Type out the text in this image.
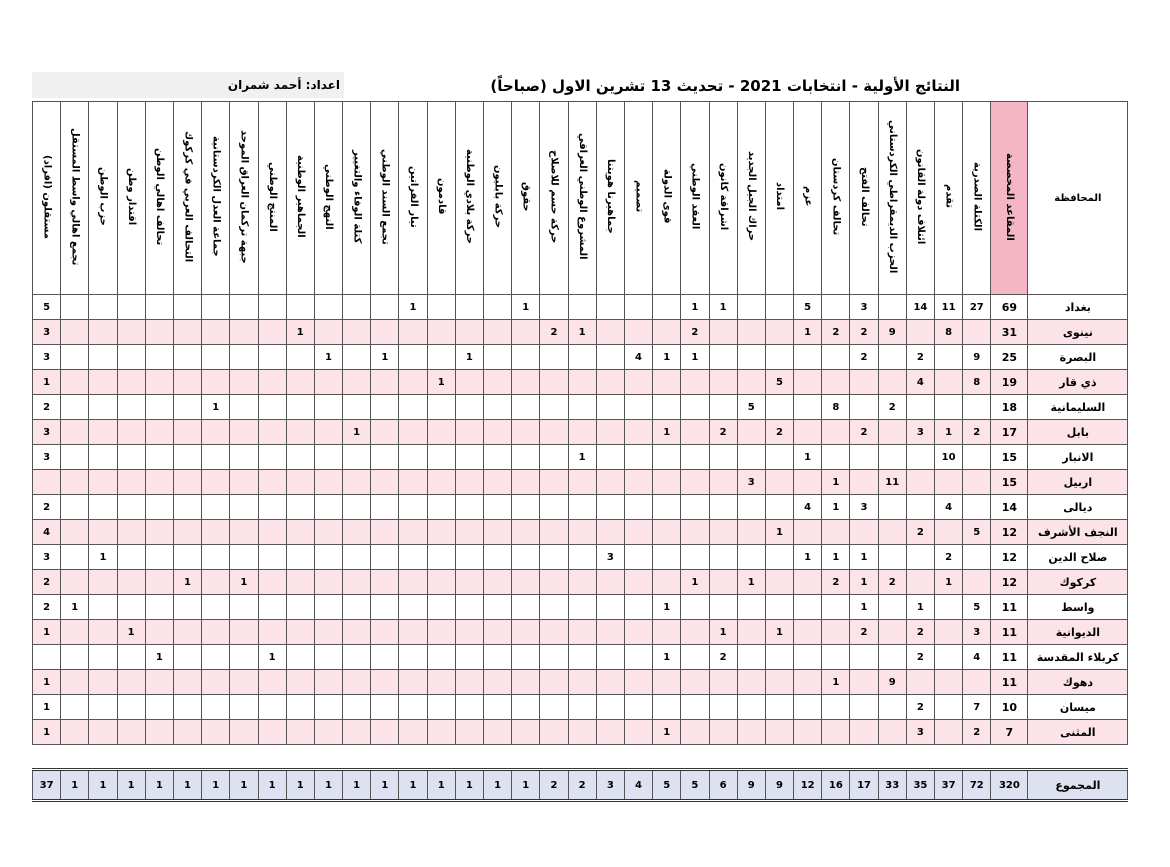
النتائج الأولية - انتخابات 2021 - تحديث 13 تشرين الاول (صباحاً)
اعداد: أحمد شمران
مستقلون (افراد)	تجمع اهالي واسط المستقل	حزب الوطن	اقتدار وطن	تحالف اهالي الوطن	التحالف العربي في كركوك	جماعة العدل الكردستانية	جبهة تركمان العراق الموحد	المنتج الوطني	الجماهير الوطنية	النهج الوطني	كتلة الوفاء والتغيير	تجمع السند الوطني	تيار الفراتين	قادمون	حركة بلادي الوطنية	حركة بابليون	حقوق	حركة حسم للاصلاح	المشروع الوطني العراقي	جماهيرنا هويتنا	تصميم	قوى الدولة	العقد الوطني	اشراقة كانون	حراك الجيل الجديد	امتداد	عزم	تحالف كردستان	تحالف الفتح	الحزب الديمقراطي الكردستاني	ائتلاف دولة القانون	تقدم	الكتلة الصدرية	المقاعد المخصصة	المحافظة
5													1				1						1	1			5		3		14	11	27	69	بغداد
3									1									2	1				2				1	2	2	9		8		31	نينوى
3										1		1			1						4	1	1						2		2		9	25	البصرة
1														1												5					4		8	19	ذي قار
2						1																			5			8		2				18	السليمانية
3											1											1		2		2			2		3	1	2	17	بابل
3																			1								1					10		15	الانبار
																									3			1		11				15	اربيل
2																											4	1	3			4		14	ديالى
4																										1					2		5	12	النجف الأشرف
3		1																		3							1	1	1			2		12	صلاح الدين
2					1		1																1		1			2	1	2		1		12	كركوك
2	1																					1							1		1		5	11	واسط
1			1																					1		1			2		2		3	11	الديوانية
				1				1														1		2							2		4	11	كربلاء المقدسة
1																												1		9				11	دهوك
1																															2		7	10	ميسان
1																						1									3		2	7	المثنى

37	1	1	1	1	1	1	1	1	1	1	1	1	1	1	1	1	1	2	2	3	4	5	5	6	9	9	12	16	17	33	35	37	72	320	المجموع
